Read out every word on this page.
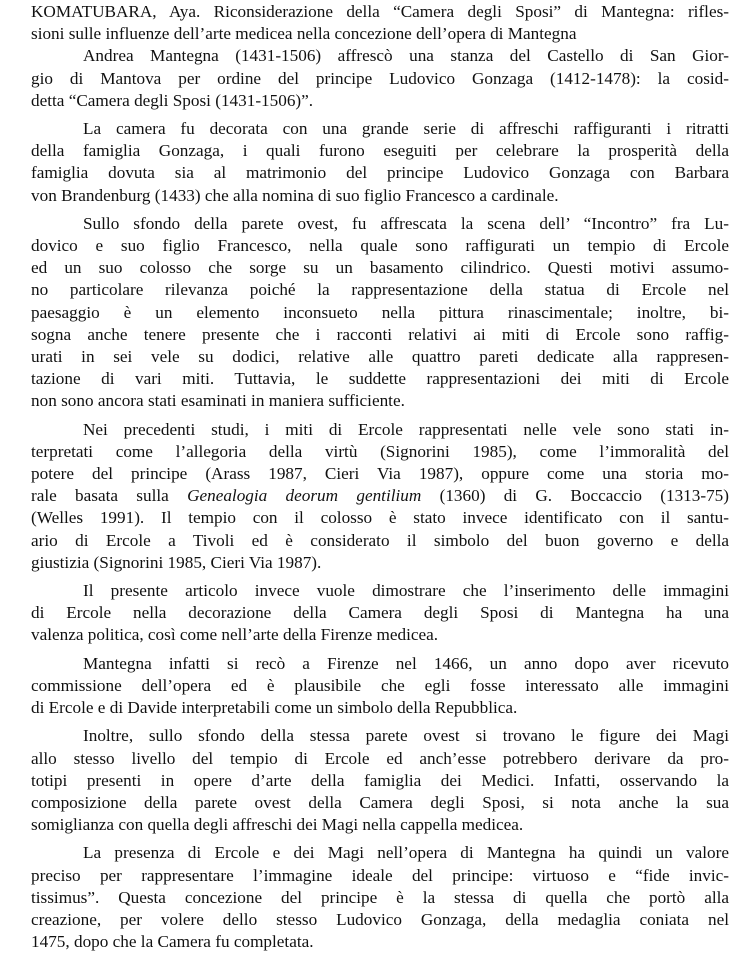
KOMATUBARA, Aya. Riconsiderazione della “Camera degli Sposi” di Mantegna: rifles-
sioni sulle influenze dell’arte medicea nella concezione dell’opera di Mantegna
Andrea Mantegna (1431-1506) affrescò una stanza del Castello di San Gior-
gio di Mantova per ordine del principe Ludovico Gonzaga (1412-1478): la cosid-
detta “Camera degli Sposi (1431-1506)”.
La camera fu decorata con una grande serie di affreschi raffiguranti i ritratti
della famiglia Gonzaga, i quali furono eseguiti per celebrare la prosperità della
famiglia dovuta sia al matrimonio del principe Ludovico Gonzaga con Barbara
von Brandenburg (1433) che alla nomina di suo figlio Francesco a cardinale.
Sullo sfondo della parete ovest, fu affrescata la scena dell’ “Incontro” fra Lu-
dovico e suo figlio Francesco, nella quale sono raffigurati un tempio di Ercole
ed un suo colosso che sorge su un basamento cilindrico. Questi motivi assumo-
no particolare rilevanza poiché la rappresentazione della statua di Ercole nel
paesaggio è un elemento inconsueto nella pittura rinascimentale; inoltre, bi-
sogna anche tenere presente che i racconti relativi ai miti di Ercole sono raffig-
urati in sei vele su dodici, relative alle quattro pareti dedicate alla rappresen-
tazione di vari miti. Tuttavia, le suddette rappresentazioni dei miti di Ercole
non sono ancora stati esaminati in maniera sufficiente.
Nei precedenti studi, i miti di Ercole rappresentati nelle vele sono stati in-
terpretati come l’allegoria della virtù (Signorini 1985), come l’immoralità del
potere del principe (Arass 1987, Cieri Via 1987), oppure come una storia mo-
rale basata sulla Genealogia deorum gentilium (1360) di G. Boccaccio (1313-75)
(Welles 1991). Il tempio con il colosso è stato invece identificato con il santu-
ario di Ercole a Tivoli ed è considerato il simbolo del buon governo e della
giustizia (Signorini 1985, Cieri Via 1987).
Il presente articolo invece vuole dimostrare che l’inserimento delle immagini
di Ercole nella decorazione della Camera degli Sposi di Mantegna ha una
valenza politica, così come nell’arte della Firenze medicea.
Mantegna infatti si recò a Firenze nel 1466, un anno dopo aver ricevuto
commissione dell’opera ed è plausibile che egli fosse interessato alle immagini
di Ercole e di Davide interpretabili come un simbolo della Repubblica.
Inoltre, sullo sfondo della stessa parete ovest si trovano le figure dei Magi
allo stesso livello del tempio di Ercole ed anch’esse potrebbero derivare da pro-
totipi presenti in opere d’arte della famiglia dei Medici. Infatti, osservando la
composizione della parete ovest della Camera degli Sposi, si nota anche la sua
somiglianza con quella degli affreschi dei Magi nella cappella medicea.
La presenza di Ercole e dei Magi nell’opera di Mantegna ha quindi un valore
preciso per rappresentare l’immagine ideale del principe: virtuoso e “fide invic-
tissimus”. Questa concezione del principe è la stessa di quella che portò alla
creazione, per volere dello stesso Ludovico Gonzaga, della medaglia coniata nel
1475, dopo che la Camera fu completata.
